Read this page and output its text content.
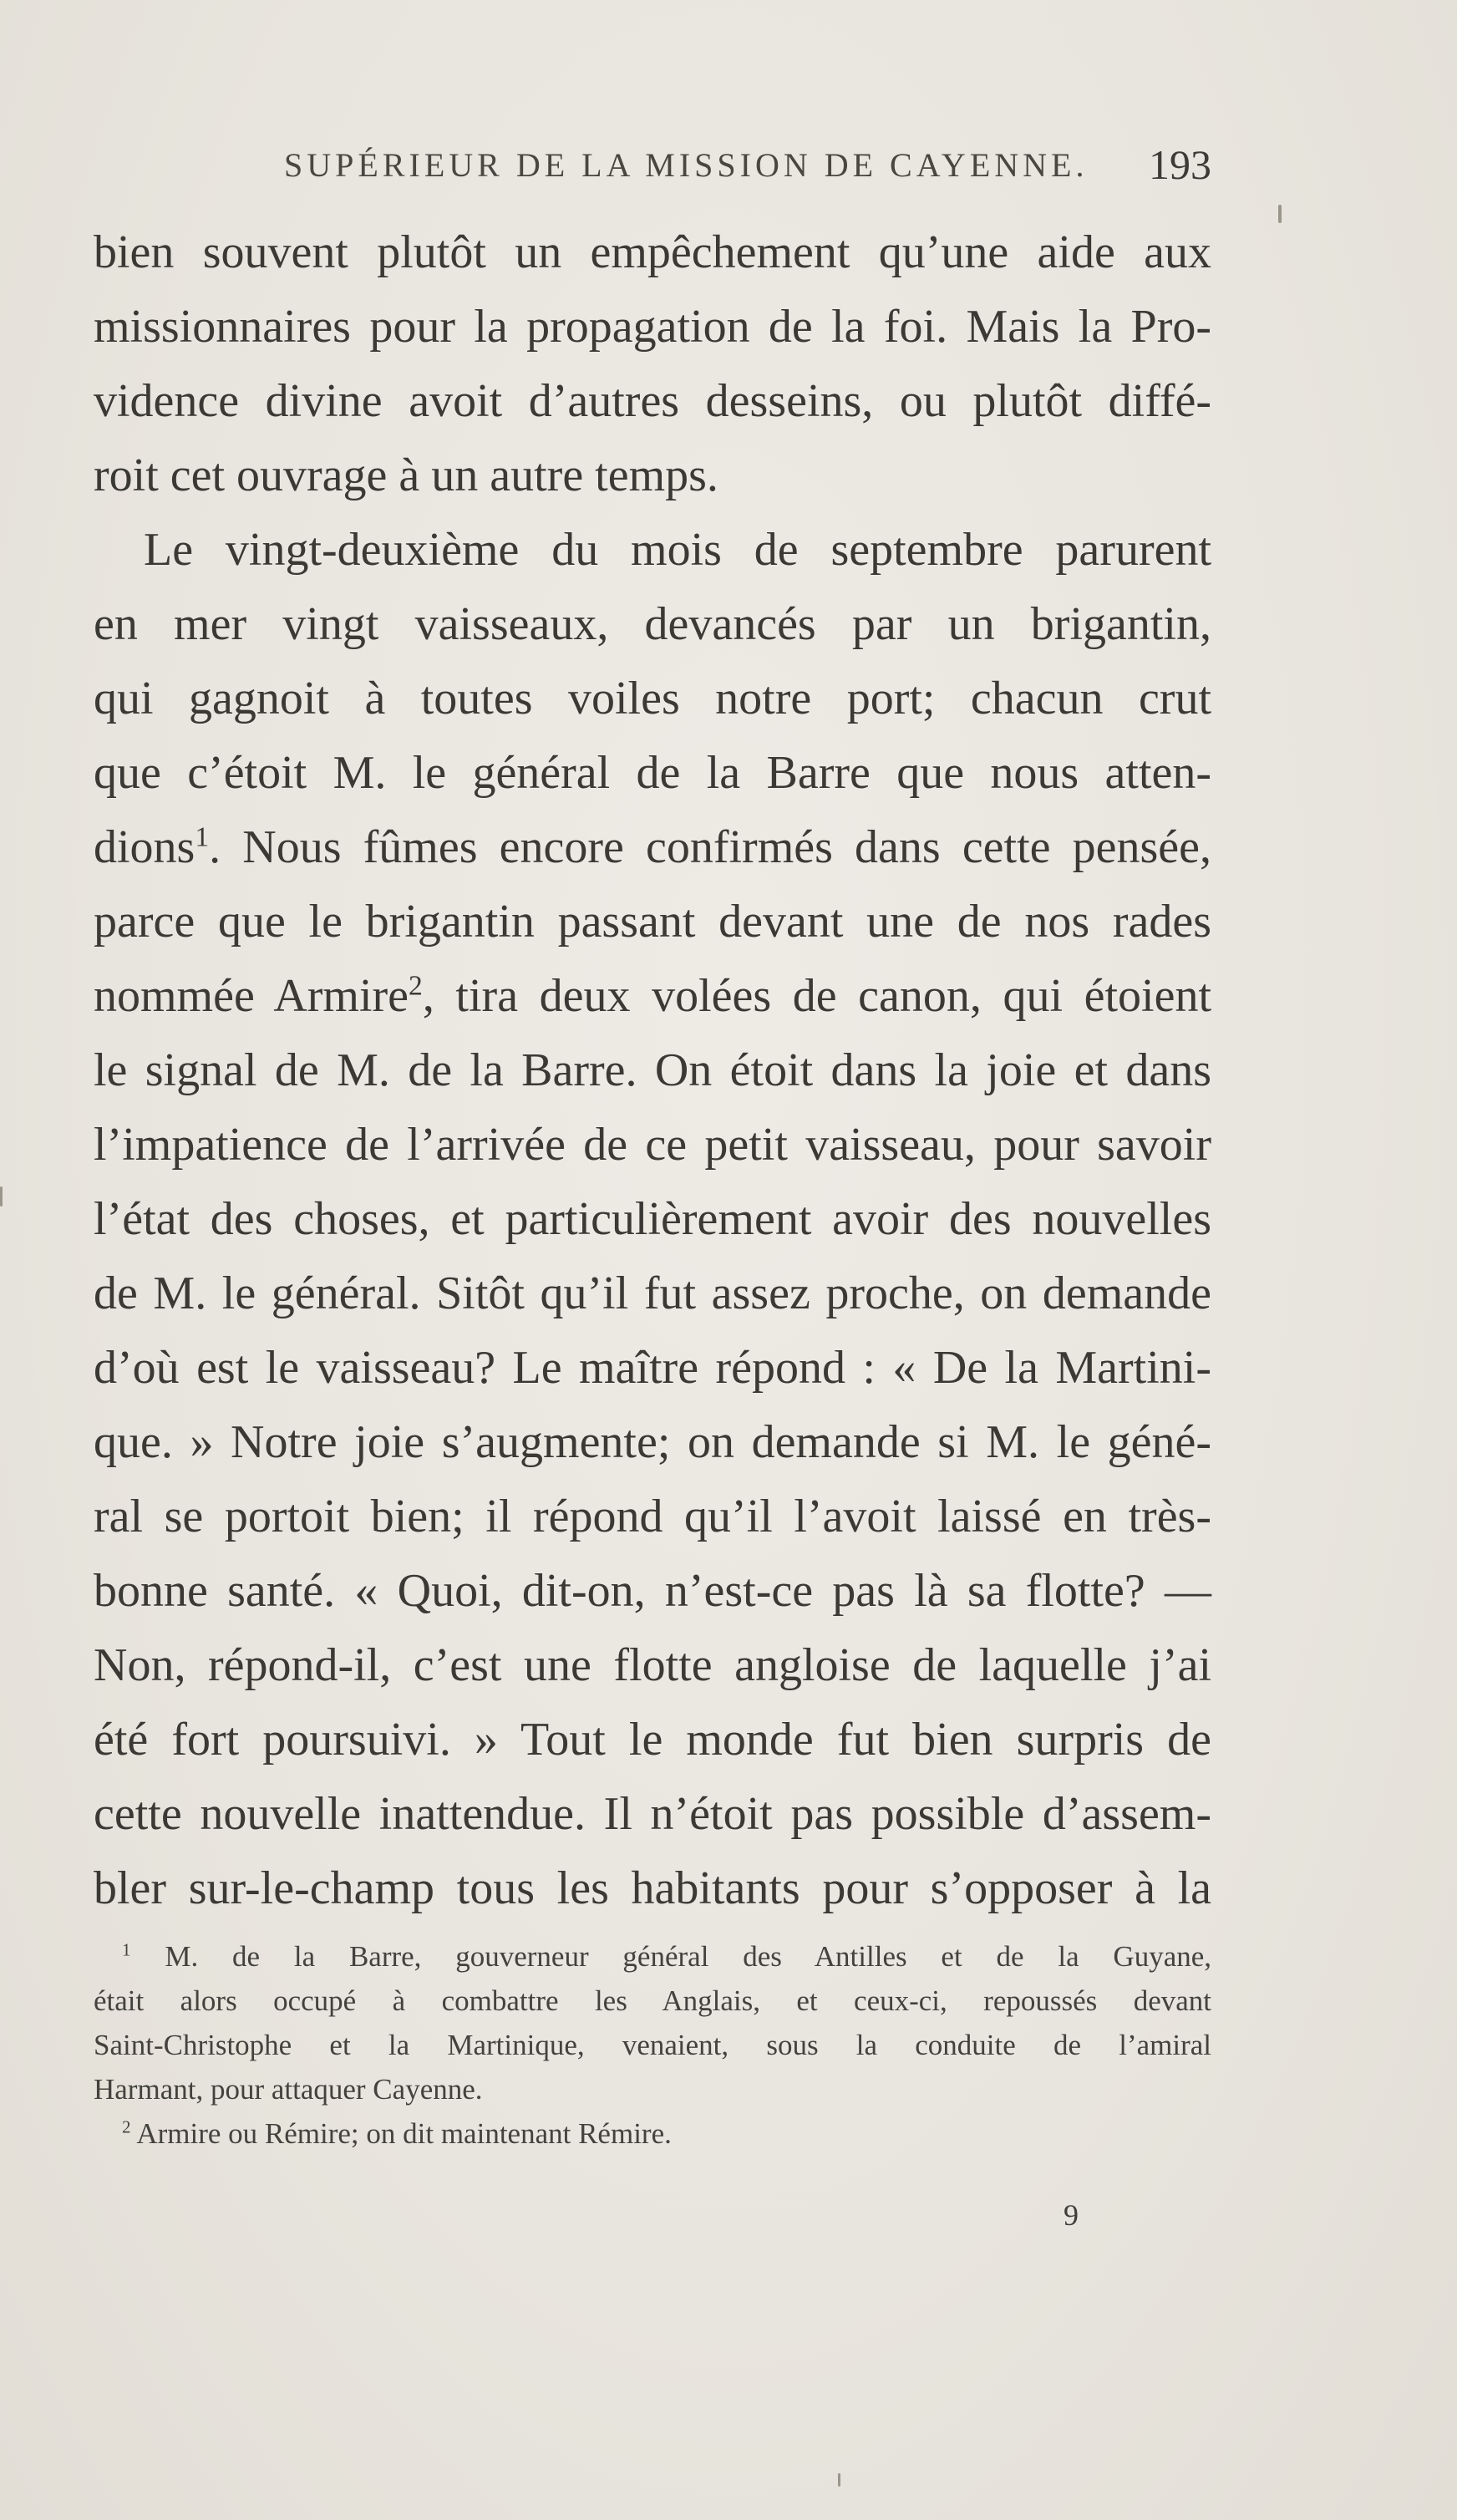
SUPÉRIEUR DE LA MISSION DE CAYENNE. 193
bien souvent plutôt un empêchement qu’une aide aux
missionnaires pour la propagation de la foi. Mais la Pro-
vidence divine avoit d’autres desseins, ou plutôt diffé-
roit cet ouvrage à un autre temps.
Le vingt-deuxième du mois de septembre parurent
en mer vingt vaisseaux, devancés par un brigantin,
qui gagnoit à toutes voiles notre port; chacun crut
que c’étoit M. le général de la Barre que nous atten-
dions$^1$. Nous fûmes encore confirmés dans cette pensée,
parce que le brigantin passant devant une de nos rades
nommée Armire$^2$, tira deux volées de canon, qui étoient
le signal de M. de la Barre. On étoit dans la joie et dans
l’impatience de l’arrivée de ce petit vaisseau, pour savoir
l’état des choses, et particulièrement avoir des nouvelles
de M. le général. Sitôt qu’il fut assez proche, on demande
d’où est le vaisseau? Le maître répond : « De la Martini-
que. » Notre joie s’augmente; on demande si M. le géné-
ral se portoit bien; il répond qu’il l’avoit laissé en très-
bonne santé. « Quoi, dit-on, n’est-ce pas là sa flotte? —
Non, répond-il, c’est une flotte angloise de laquelle j’ai
été fort poursuivi. » Tout le monde fut bien surpris de
cette nouvelle inattendue. Il n’étoit pas possible d’assem-
bler sur-le-champ tous les habitants pour s’opposer à la
$^1$ M. de la Barre, gouverneur général des Antilles et de la Guyane,
était alors occupé à combattre les Anglais, et ceux-ci, repoussés devant
Saint-Christophe et la Martinique, venaient, sous la conduite de l’amiral
Harmant, pour attaquer Cayenne.
$^2$ Armire ou Rémire; on dit maintenant Rémire.
9
